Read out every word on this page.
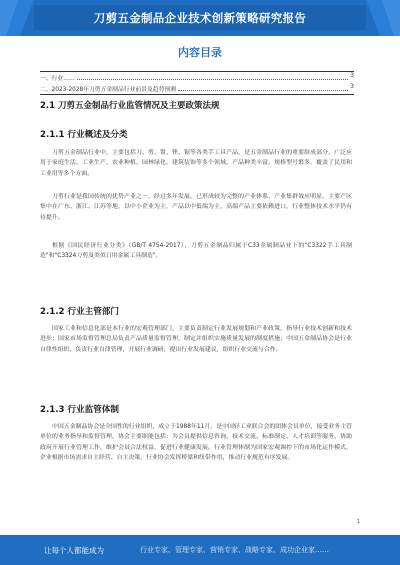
刀剪五金制品企业技术创新策略研究报告
内容目录
一、行业……	3
二、2023-2028年刀剪五金制品行业前景及趋势预测	3
2.1 刀剪五金制品行业监管情况及主要政策法规
2.1.1 行业概述及分类

刀剪五金制品行业中，主要包括刀、剪、钳、锉、锯等各类手工具产品，是五金制品行业的重要组成部分，广泛应用于家庭生活、工业生产、农业种植、园林绿化、建筑装饰等多个领域，产品种类丰富，规格型号繁多，覆盖了民用和工业用等多个方面。

刀剪行业是我国传统的优势产业之一，经过多年发展，已形成较为完整的产业体系，产业集群效应明显，主要产区集中在广东、浙江、江苏等地，以中小企业为主，产品以中低端为主，高端产品主要依赖进口，行业整体技术水平仍有待提升。

根据《国民经济行业分类》（GB/T 4754-2017），刀剪五金制品归属于C33金属制品业下的"C3322手工具制造"和"C3324刀剪及类似日用金属工具制造"。

2.1.2 行业主管部门

国家工业和信息化部是本行业的宏观管理部门，主要负责制定行业发展规划和产业政策，指导行业技术创新和技术进步；国家市场监督管理总局负责产品质量监督管理，制定并组织实施质量发展的制度措施；中国五金制品协会是行业自律性组织，负责行业自律管理，开展行业调研，提出行业发展建议，组织行业交流与合作。

2.1.3 行业监管体制

中国五金制品协会是全国性的行业组织，成立于1988年11月，是中国轻工业联合会的团体会员单位，接受业务主管单位的业务指导和监督管理，协会主要职能包括：为会员提供信息咨询、技术交流、标准制定、人才培训等服务，协助政府开展行业管理工作，维护会员合法权益，促进行业健康发展。行业管理体制为国家宏观调控下的市场化运作模式，企业根据市场需求自主经营、自主决策，行业协会发挥桥梁和纽带作用，推动行业规范有序发展。

1
让每个人都能成为	行业专家、管理专家、营销专家、战略专家、成功企业家……
